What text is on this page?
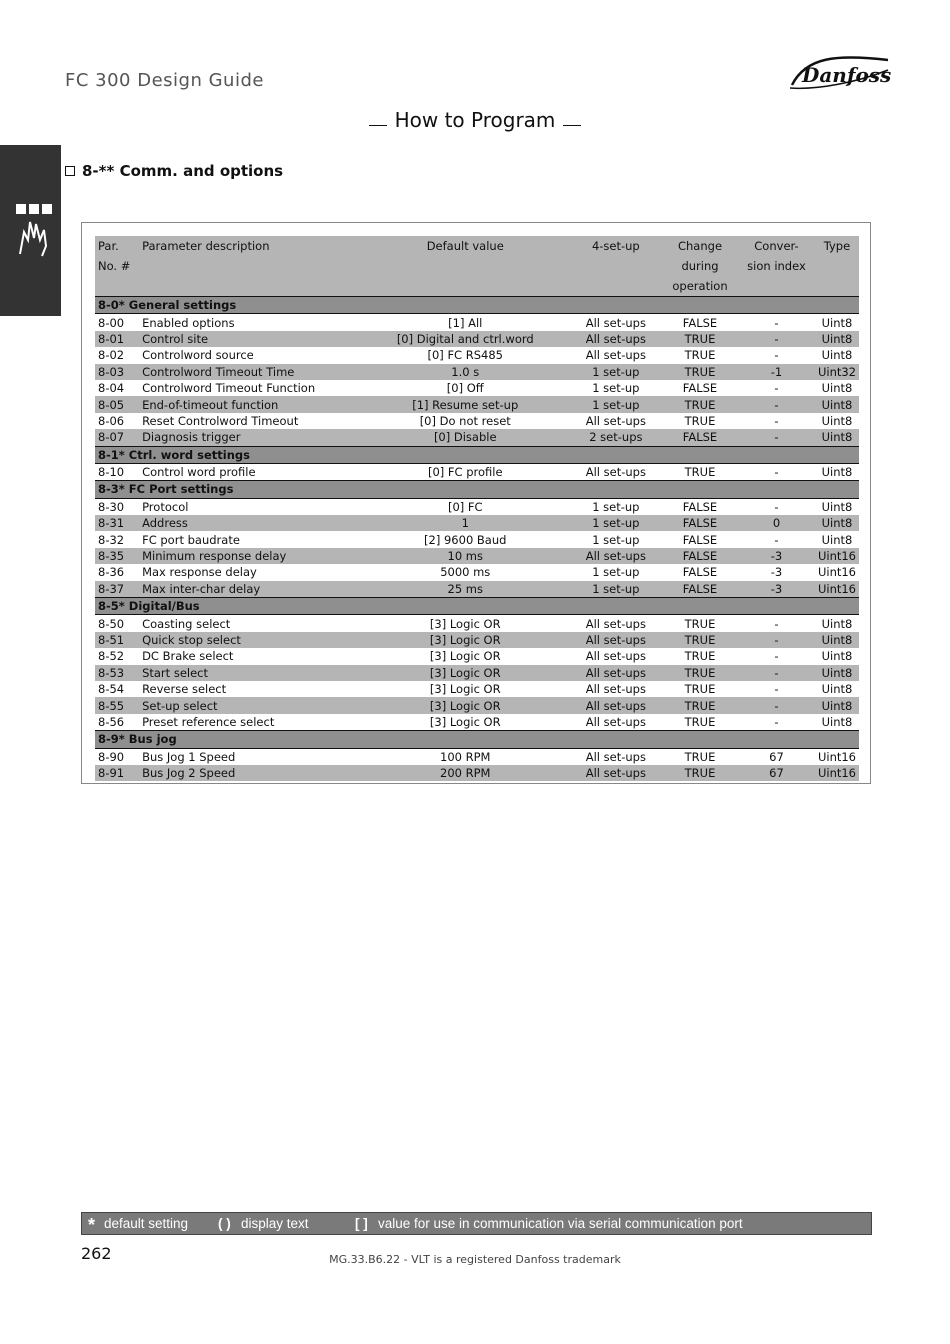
FC 300 Design Guide	Danfoss
How to Program
8-** Comm. and options
Par.	Parameter description	Default value	4-set-up	Change	Conver-	Type
No. #				during	sion index	
				operation		
8-0* General settings						
8-00	Enabled options	[1] All	All set-ups	FALSE	-	Uint8
8-01	Control site	[0] Digital and ctrl.word	All set-ups	TRUE	-	Uint8
8-02	Controlword source	[0] FC RS485	All set-ups	TRUE	-	Uint8
8-03	Controlword Timeout Time	1.0 s	1 set-up	TRUE	-1	Uint32
8-04	Controlword Timeout Function	[0] Off	1 set-up	FALSE	-	Uint8
8-05	End-of-timeout function	[1] Resume set-up	1 set-up	TRUE	-	Uint8
8-06	Reset Controlword Timeout	[0] Do not reset	All set-ups	TRUE	-	Uint8
8-07	Diagnosis trigger	[0] Disable	2 set-ups	FALSE	-	Uint8
8-1* Ctrl. word settings						
8-10	Control word profile	[0] FC profile	All set-ups	TRUE	-	Uint8
8-3* FC Port settings						
8-30	Protocol	[0] FC	1 set-up	FALSE	-	Uint8
8-31	Address	1	1 set-up	FALSE	0	Uint8
8-32	FC port baudrate	[2] 9600 Baud	1 set-up	FALSE	-	Uint8
8-35	Minimum response delay	10 ms	All set-ups	FALSE	-3	Uint16
8-36	Max response delay	5000 ms	1 set-up	FALSE	-3	Uint16
8-37	Max inter-char delay	25 ms	1 set-up	FALSE	-3	Uint16
8-5* Digital/Bus						
8-50	Coasting select	[3] Logic OR	All set-ups	TRUE	-	Uint8
8-51	Quick stop select	[3] Logic OR	All set-ups	TRUE	-	Uint8
8-52	DC Brake select	[3] Logic OR	All set-ups	TRUE	-	Uint8
8-53	Start select	[3] Logic OR	All set-ups	TRUE	-	Uint8
8-54	Reverse select	[3] Logic OR	All set-ups	TRUE	-	Uint8
8-55	Set-up select	[3] Logic OR	All set-ups	TRUE	-	Uint8
8-56	Preset reference select	[3] Logic OR	All set-ups	TRUE	-	Uint8
8-9* Bus jog						
8-90	Bus Jog 1 Speed	100 RPM	All set-ups	TRUE	67	Uint16
8-91	Bus Jog 2 Speed	200 RPM	All set-ups	TRUE	67	Uint16
* default setting ( ) display text	[ ] value for use in communication via serial communication port
262	MG.33.B6.22 - VLT is a registered Danfoss trademark
